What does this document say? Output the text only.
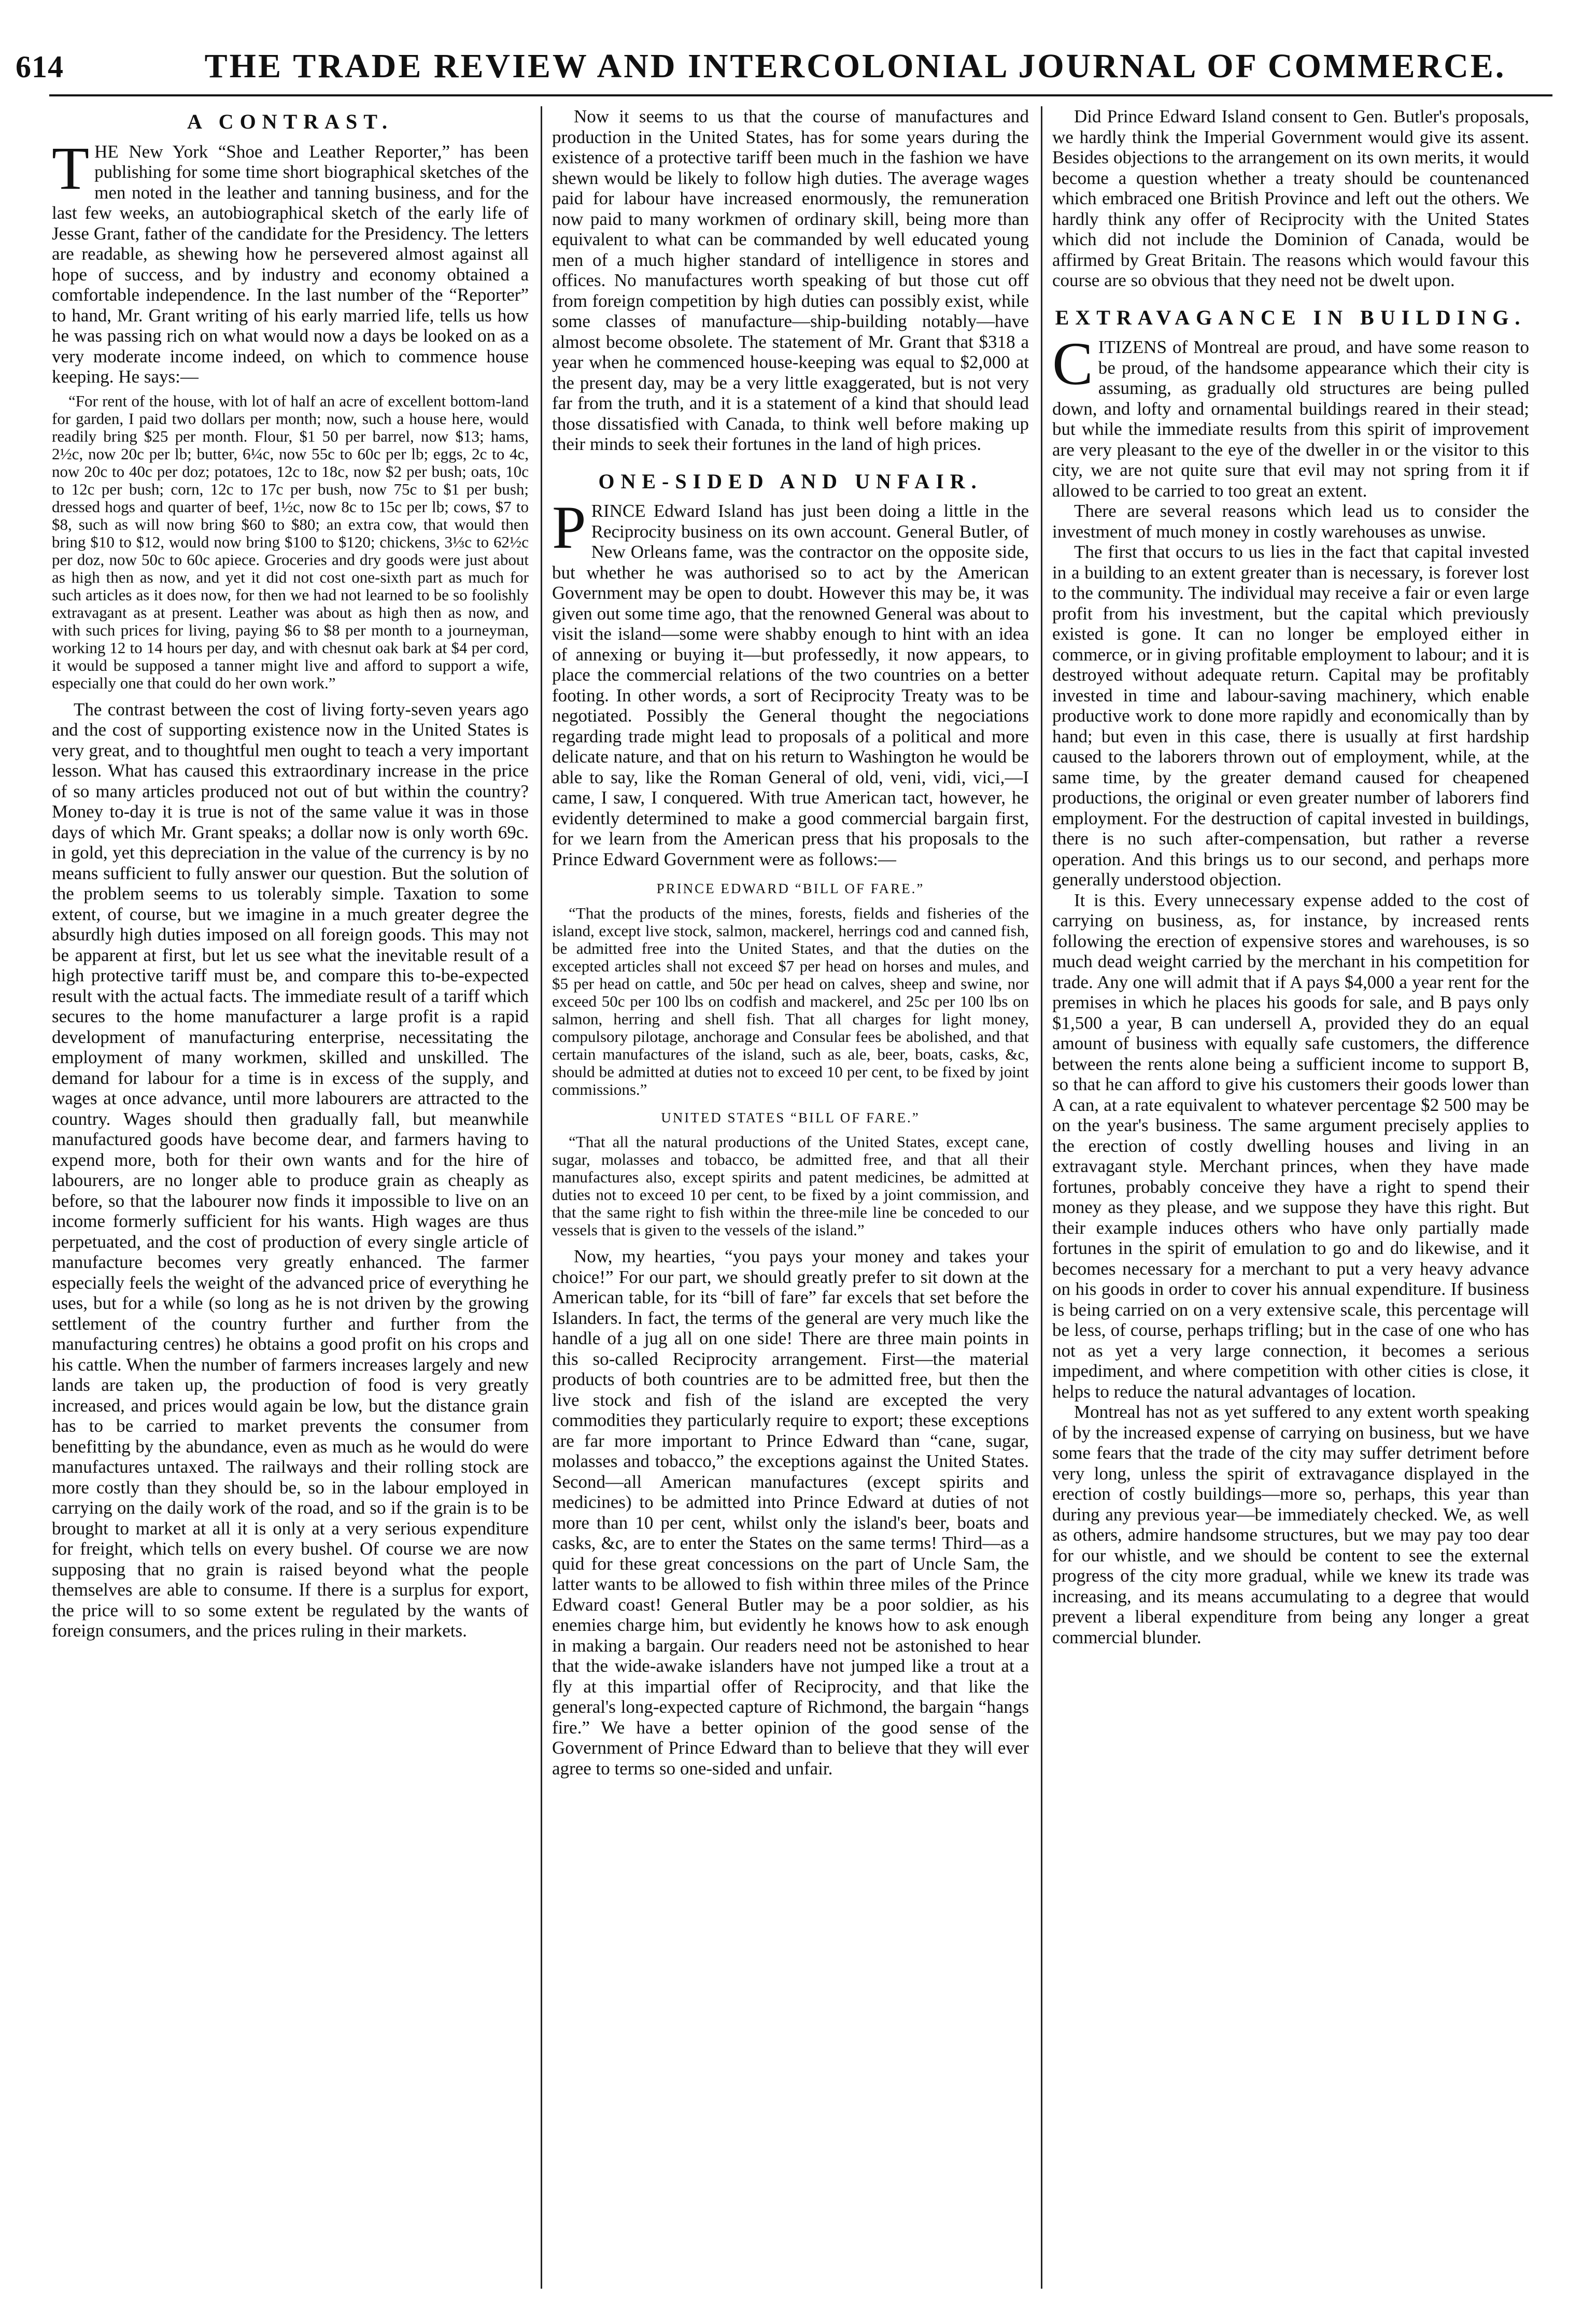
614	THE TRADE REVIEW AND INTERCOLONIAL JOURNAL OF COMMERCE.
A CONTRAST.

THE New York “Shoe and Leather Reporter,” has been publishing for some time short biographical sketches of the men noted in the leather and tanning business, and for the last few weeks, an autobiographical sketch of the early life of Jesse Grant, father of the candidate for the Presidency. The letters are readable, as shewing how he persevered almost against all hope of success, and by industry and economy obtained a comfortable independence. In the last number of the “Reporter” to hand, Mr. Grant writing of his early married life, tells us how he was passing rich on what would now a days be looked on as a very moderate income indeed, on which to commence house keeping. He says:—

“For rent of the house, with lot of half an acre of excellent bottom-land for garden, I paid two dollars per month; now, such a house here, would readily bring $25 per month. Flour, $1 50 per barrel, now $13; hams, 2½c, now 20c per lb; butter, 6¼c, now 55c to 60c per lb; eggs, 2c to 4c, now 20c to 40c per doz; potatoes, 12c to 18c, now $2 per bush; oats, 10c to 12c per bush; corn, 12c to 17c per bush, now 75c to $1 per bush; dressed hogs and quarter of beef, 1½c, now 8c to 15c per lb; cows, $7 to $8, such as will now bring $60 to $80; an extra cow, that would then bring $10 to $12, would now bring $100 to $120; chickens, 3⅓c to 62½c per doz, now 50c to 60c apiece. Groceries and dry goods were just about as high then as now, and yet it did not cost one-sixth part as much for such articles as it does now, for then we had not learned to be so foolishly extravagant as at present. Leather was about as high then as now, and with such prices for living, paying $6 to $8 per month to a journeyman, working 12 to 14 hours per day, and with chesnut oak bark at $4 per cord, it would be supposed a tanner might live and afford to support a wife, especially one that could do her own work.”

The contrast between the cost of living forty-seven years ago and the cost of supporting existence now in the United States is very great, and to thoughtful men ought to teach a very important lesson. What has caused this extraordinary increase in the price of so many articles produced not out of but within the country? Money to-day it is true is not of the same value it was in those days of which Mr. Grant speaks; a dollar now is only worth 69c. in gold, yet this depreciation in the value of the currency is by no means sufficient to fully answer our question. But the solution of the problem seems to us tolerably simple. Taxation to some extent, of course, but we imagine in a much greater degree the absurdly high duties imposed on all foreign goods. This may not be apparent at first, but let us see what the inevitable result of a high protective tariff must be, and compare this to-be-expected result with the actual facts. The immediate result of a tariff which secures to the home manufacturer a large profit is a rapid development of manufacturing enterprise, necessitating the employment of many workmen, skilled and unskilled. The demand for labour for a time is in excess of the supply, and wages at once advance, until more labourers are attracted to the country. Wages should then gradually fall, but meanwhile manufactured goods have become dear, and farmers having to expend more, both for their own wants and for the hire of labourers, are no longer able to produce grain as cheaply as before, so that the labourer now finds it impossible to live on an income formerly sufficient for his wants. High wages are thus perpetuated, and the cost of production of every single article of manufacture becomes very greatly enhanced. The farmer especially feels the weight of the advanced price of everything he uses, but for a while (so long as he is not driven by the growing settlement of the country further and further from the manufacturing centres) he obtains a good profit on his crops and his cattle. When the number of farmers increases largely and new lands are taken up, the production of food is very greatly increased, and prices would again be low, but the distance grain has to be carried to market prevents the consumer from benefitting by the abundance, even as much as he would do were manufactures untaxed. The railways and their rolling stock are more costly than they should be, so in the labour employed in carrying on the daily work of the road, and so if the grain is to be brought to market at all it is only at a very serious expenditure for freight, which tells on every bushel. Of course we are now supposing that no grain is raised beyond what the people themselves are able to consume. If there is a surplus for export, the price will to so some extent be regulated by the wants of foreign consumers, and the prices ruling in their markets.

Now it seems to us that the course of manufactures and production in the United States, has for some years during the existence of a protective tariff been much in the fashion we have shewn would be likely to follow high duties. The average wages paid for labour have increased enormously, the remuneration now paid to many workmen of ordinary skill, being more than equivalent to what can be commanded by well educated young men of a much higher standard of intelligence in stores and offices. No manufactures worth speaking of but those cut off from foreign competition by high duties can possibly exist, while some classes of manufacture—ship-building notably—have almost become obsolete. The statement of Mr. Grant that $318 a year when he commenced house-keeping was equal to $2,000 at the present day, may be a very little exaggerated, but is not very far from the truth, and it is a statement of a kind that should lead those dissatisfied with Canada, to think well before making up their minds to seek their fortunes in the land of high prices.

ONE-SIDED AND UNFAIR.

PRINCE Edward Island has just been doing a little in the Reciprocity business on its own account. General Butler, of New Orleans fame, was the contractor on the opposite side, but whether he was authorised so to act by the American Government may be open to doubt. However this may be, it was given out some time ago, that the renowned General was about to visit the island—some were shabby enough to hint with an idea of annexing or buying it—but professedly, it now appears, to place the commercial relations of the two countries on a better footing. In other words, a sort of Reciprocity Treaty was to be negotiated. Possibly the General thought the negociations regarding trade might lead to proposals of a political and more delicate nature, and that on his return to Washington he would be able to say, like the Roman General of old, veni, vidi, vici,—I came, I saw, I conquered. With true American tact, however, he evidently determined to make a good commercial bargain first, for we learn from the American press that his proposals to the Prince Edward Government were as follows:—

PRINCE EDWARD “BILL OF FARE.”

“That the products of the mines, forests, fields and fisheries of the island, except live stock, salmon, mackerel, herrings cod and canned fish, be admitted free into the United States, and that the duties on the excepted articles shall not exceed $7 per head on horses and mules, and $5 per head on cattle, and 50c per head on calves, sheep and swine, nor exceed 50c per 100 lbs on codfish and mackerel, and 25c per 100 lbs on salmon, herring and shell fish. That all charges for light money, compulsory pilotage, anchorage and Consular fees be abolished, and that certain manufactures of the island, such as ale, beer, boats, casks, &c, should be admitted at duties not to exceed 10 per cent, to be fixed by joint commissions.”

UNITED STATES “BILL OF FARE.”

“That all the natural productions of the United States, except cane, sugar, molasses and tobacco, be admitted free, and that all their manufactures also, except spirits and patent medicines, be admitted at duties not to exceed 10 per cent, to be fixed by a joint commission, and that the same right to fish within the three-mile line be conceded to our vessels that is given to the vessels of the island.”

Now, my hearties, “you pays your money and takes your choice!” For our part, we should greatly prefer to sit down at the American table, for its “bill of fare” far excels that set before the Islanders. In fact, the terms of the general are very much like the handle of a jug all on one side! There are three main points in this so-called Reciprocity arrangement. First—the material products of both countries are to be admitted free, but then the live stock and fish of the island are excepted the very commodities they particularly require to export; these exceptions are far more important to Prince Edward than “cane, sugar, molasses and tobacco,” the exceptions against the United States. Second—all American manufactures (except spirits and medicines) to be admitted into Prince Edward at duties of not more than 10 per cent, whilst only the island's beer, boats and casks, &c, are to enter the States on the same terms! Third—as a quid for these great concessions on the part of Uncle Sam, the latter wants to be allowed to fish within three miles of the Prince Edward coast! General Butler may be a poor soldier, as his enemies charge him, but evidently he knows how to ask enough in making a bargain. Our readers need not be astonished to hear that the wide-awake islanders have not jumped like a trout at a fly at this impartial offer of Reciprocity, and that like the general's long-expected capture of Richmond, the bargain “hangs fire.” We have a better opinion of the good sense of the Government of Prince Edward than to believe that they will ever agree to terms so one-sided and unfair.

Did Prince Edward Island consent to Gen. Butler's proposals, we hardly think the Imperial Government would give its assent. Besides objections to the arrangement on its own merits, it would become a question whether a treaty should be countenanced which embraced one British Province and left out the others. We hardly think any offer of Reciprocity with the United States which did not include the Dominion of Canada, would be affirmed by Great Britain. The reasons which would favour this course are so obvious that they need not be dwelt upon.

EXTRAVAGANCE IN BUILDING.

CITIZENS of Montreal are proud, and have some reason to be proud, of the handsome appearance which their city is assuming, as gradually old structures are being pulled down, and lofty and ornamental buildings reared in their stead; but while the immediate results from this spirit of improvement are very pleasant to the eye of the dweller in or the visitor to this city, we are not quite sure that evil may not spring from it if allowed to be carried to too great an extent.

There are several reasons which lead us to consider the investment of much money in costly warehouses as unwise.

The first that occurs to us lies in the fact that capital invested in a building to an extent greater than is necessary, is forever lost to the community. The individual may receive a fair or even large profit from his investment, but the capital which previously existed is gone. It can no longer be employed either in commerce, or in giving profitable employment to labour; and it is destroyed without adequate return. Capital may be profitably invested in time and labour-saving machinery, which enable productive work to done more rapidly and economically than by hand; but even in this case, there is usually at first hardship caused to the laborers thrown out of employment, while, at the same time, by the greater demand caused for cheapened productions, the original or even greater number of laborers find employment. For the destruction of capital invested in buildings, there is no such after-compensation, but rather a reverse operation. And this brings us to our second, and perhaps more generally understood objection.

It is this. Every unnecessary expense added to the cost of carrying on business, as, for instance, by increased rents following the erection of expensive stores and warehouses, is so much dead weight carried by the merchant in his competition for trade. Any one will admit that if A pays $4,000 a year rent for the premises in which he places his goods for sale, and B pays only $1,500 a year, B can undersell A, provided they do an equal amount of business with equally safe customers, the difference between the rents alone being a sufficient income to support B, so that he can afford to give his customers their goods lower than A can, at a rate equivalent to whatever percentage $2 500 may be on the year's business. The same argument precisely applies to the erection of costly dwelling houses and living in an extravagant style. Merchant princes, when they have made fortunes, probably conceive they have a right to spend their money as they please, and we suppose they have this right. But their example induces others who have only partially made fortunes in the spirit of emulation to go and do likewise, and it becomes necessary for a merchant to put a very heavy advance on his goods in order to cover his annual expenditure. If business is being carried on on a very extensive scale, this percentage will be less, of course, perhaps trifling; but in the case of one who has not as yet a very large connection, it becomes a serious impediment, and where competition with other cities is close, it helps to reduce the natural advantages of location.

Montreal has not as yet suffered to any extent worth speaking of by the increased expense of carrying on business, but we have some fears that the trade of the city may suffer detriment before very long, unless the spirit of extravagance displayed in the erection of costly buildings—more so, perhaps, this year than during any previous year—be immediately checked. We, as well as others, admire handsome structures, but we may pay too dear for our whistle, and we should be content to see the external progress of the city more gradual, while we knew its trade was increasing, and its means accumulating to a degree that would prevent a liberal expenditure from being any longer a great commercial blunder.
